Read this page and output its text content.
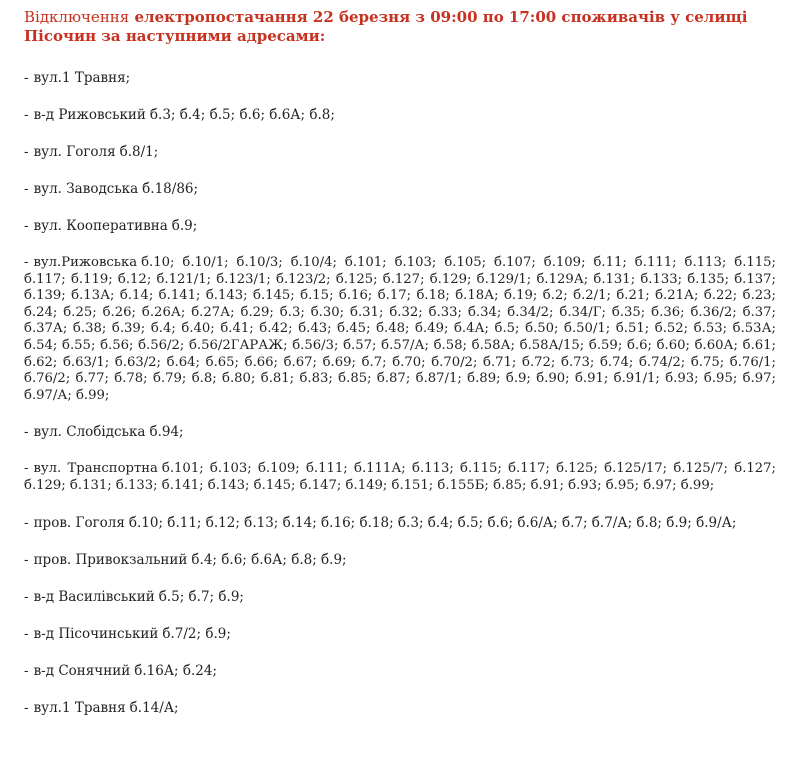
Відключення електропостачання 22 березня з 09:00 по 17:00 споживачів у селищі Пісочин за наступними адресами:
- вул.1 Травня;
- в-д Рижовський б.3; б.4; б.5; б.6; б.6А; б.8;
- вул. Гоголя б.8/1;
- вул. Заводська б.18/86;
- вул. Кооперативна б.9;
- вул.Рижовська б.10; б.10/1; б.10/3; б.10/4; б.101; б.103; б.105; б.107; б.109; б.11; б.111; б.113; б.115; б.117; б.119; б.12; б.121/1; б.123/1; б.123/2; б.125; б.127; б.129; б.129/1; б.129А; б.131; б.133; б.135; б.137; б.139; б.13А; б.14; б.141; б.143; б.145; б.15; б.16; б.17; б.18; б.18А; б.19; б.2; б.2/1; б.21; б.21А; б.22; б.23; б.24; б.25; б.26; б.26А; б.27А; б.29; б.3; б.30; б.31; б.32; б.33; б.34; б.34/2; б.34/Г; б.35; б.36; б.36/2; б.37; б.37А; б.38; б.39; б.4; б.40; б.41; б.42; б.43; б.45; б.48; б.49; б.4А; б.5; б.50; б.50/1; б.51; б.52; б.53; б.53А; б.54; б.55; б.56; б.56/2; б.56/2ГАРАЖ; б.56/3; б.57; б.57/А; б.58; б.58А; б.58А/15; б.59; б.6; б.60; б.60А; б.61; б.62; б.63/1; б.63/2; б.64; б.65; б.66; б.67; б.69; б.7; б.70; б.70/2; б.71; б.72; б.73; б.74; б.74/2; б.75; б.76/1; б.76/2; б.77; б.78; б.79; б.8; б.80; б.81; б.83; б.85; б.87; б.87/1; б.89; б.9; б.90; б.91; б.91/1; б.93; б.95; б.97; б.97/А; б.99;
- вул. Слобідська б.94;
- вул. Транспортна б.101; б.103; б.109; б.111; б.111А; б.113; б.115; б.117; б.125; б.125/17; б.125/7; б.127; б.129; б.131; б.133; б.141; б.143; б.145; б.147; б.149; б.151; б.155Б; б.85; б.91; б.93; б.95; б.97; б.99;
- пров. Гоголя б.10; б.11; б.12; б.13; б.14; б.16; б.18; б.3; б.4; б.5; б.6; б.6/А; б.7; б.7/А; б.8; б.9; б.9/А;
- пров. Привокзальний б.4; б.6; б.6А; б.8; б.9;
- в-д Василівський б.5; б.7; б.9;
- в-д Пісочинський б.7/2; б.9;
- в-д Сонячний б.16А; б.24;
- вул.1 Травня б.14/А;
